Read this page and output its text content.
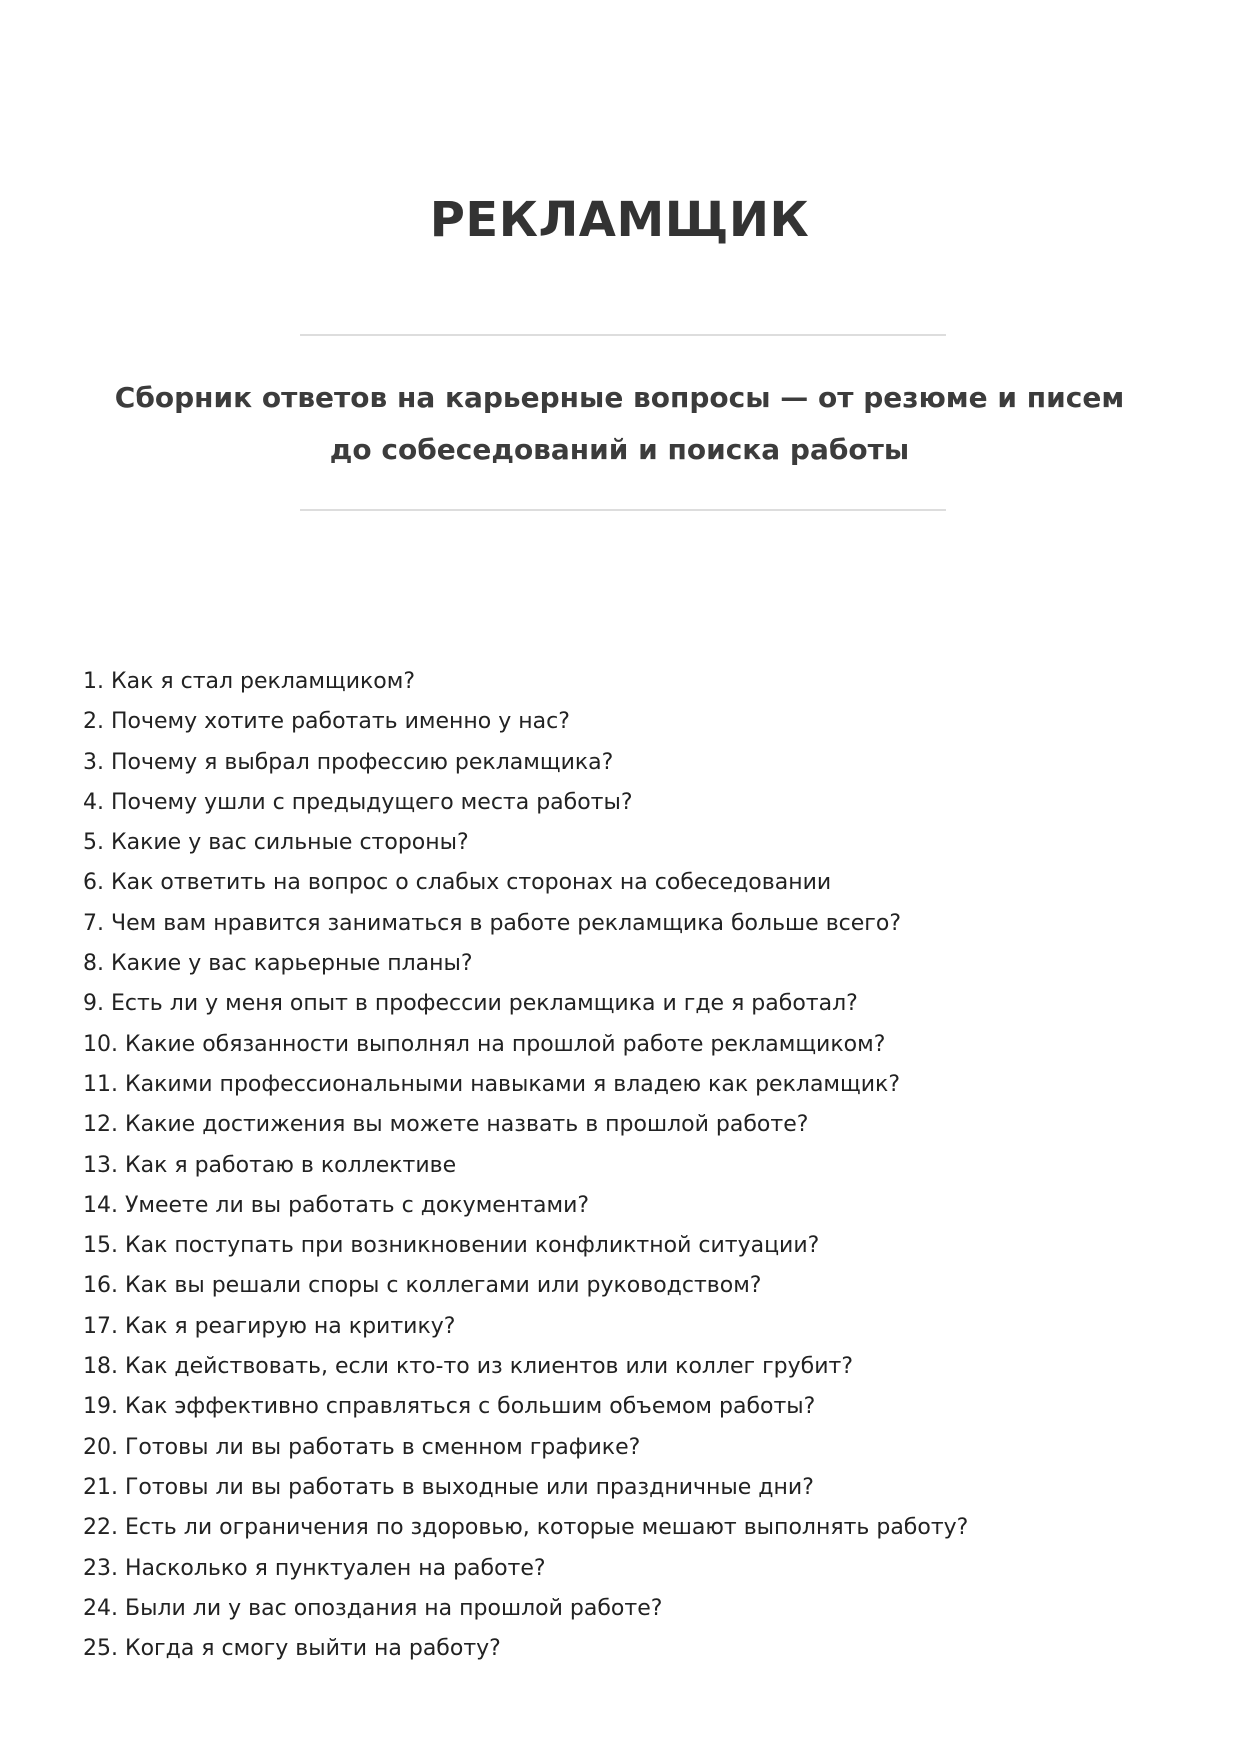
РЕКЛАМЩИК
Сборник ответов на карьерные вопросы — от резюме и писем до собеседований и поиска работы
1. Как я стал рекламщиком?
2. Почему хотите работать именно у нас?
3. Почему я выбрал профессию рекламщика?
4. Почему ушли с предыдущего места работы?
5. Какие у вас сильные стороны?
6. Как ответить на вопрос о слабых сторонах на собеседовании
7. Чем вам нравится заниматься в работе рекламщика больше всего?
8. Какие у вас карьерные планы?
9. Есть ли у меня опыт в профессии рекламщика и где я работал?
10. Какие обязанности выполнял на прошлой работе рекламщиком?
11. Какими профессиональными навыками я владею как рекламщик?
12. Какие достижения вы можете назвать в прошлой работе?
13. Как я работаю в коллективе
14. Умеете ли вы работать с документами?
15. Как поступать при возникновении конфликтной ситуации?
16. Как вы решали споры с коллегами или руководством?
17. Как я реагирую на критику?
18. Как действовать, если кто-то из клиентов или коллег грубит?
19. Как эффективно справляться с большим объемом работы?
20. Готовы ли вы работать в сменном графике?
21. Готовы ли вы работать в выходные или праздничные дни?
22. Есть ли ограничения по здоровью, которые мешают выполнять работу?
23. Насколько я пунктуален на работе?
24. Были ли у вас опоздания на прошлой работе?
25. Когда я смогу выйти на работу?
